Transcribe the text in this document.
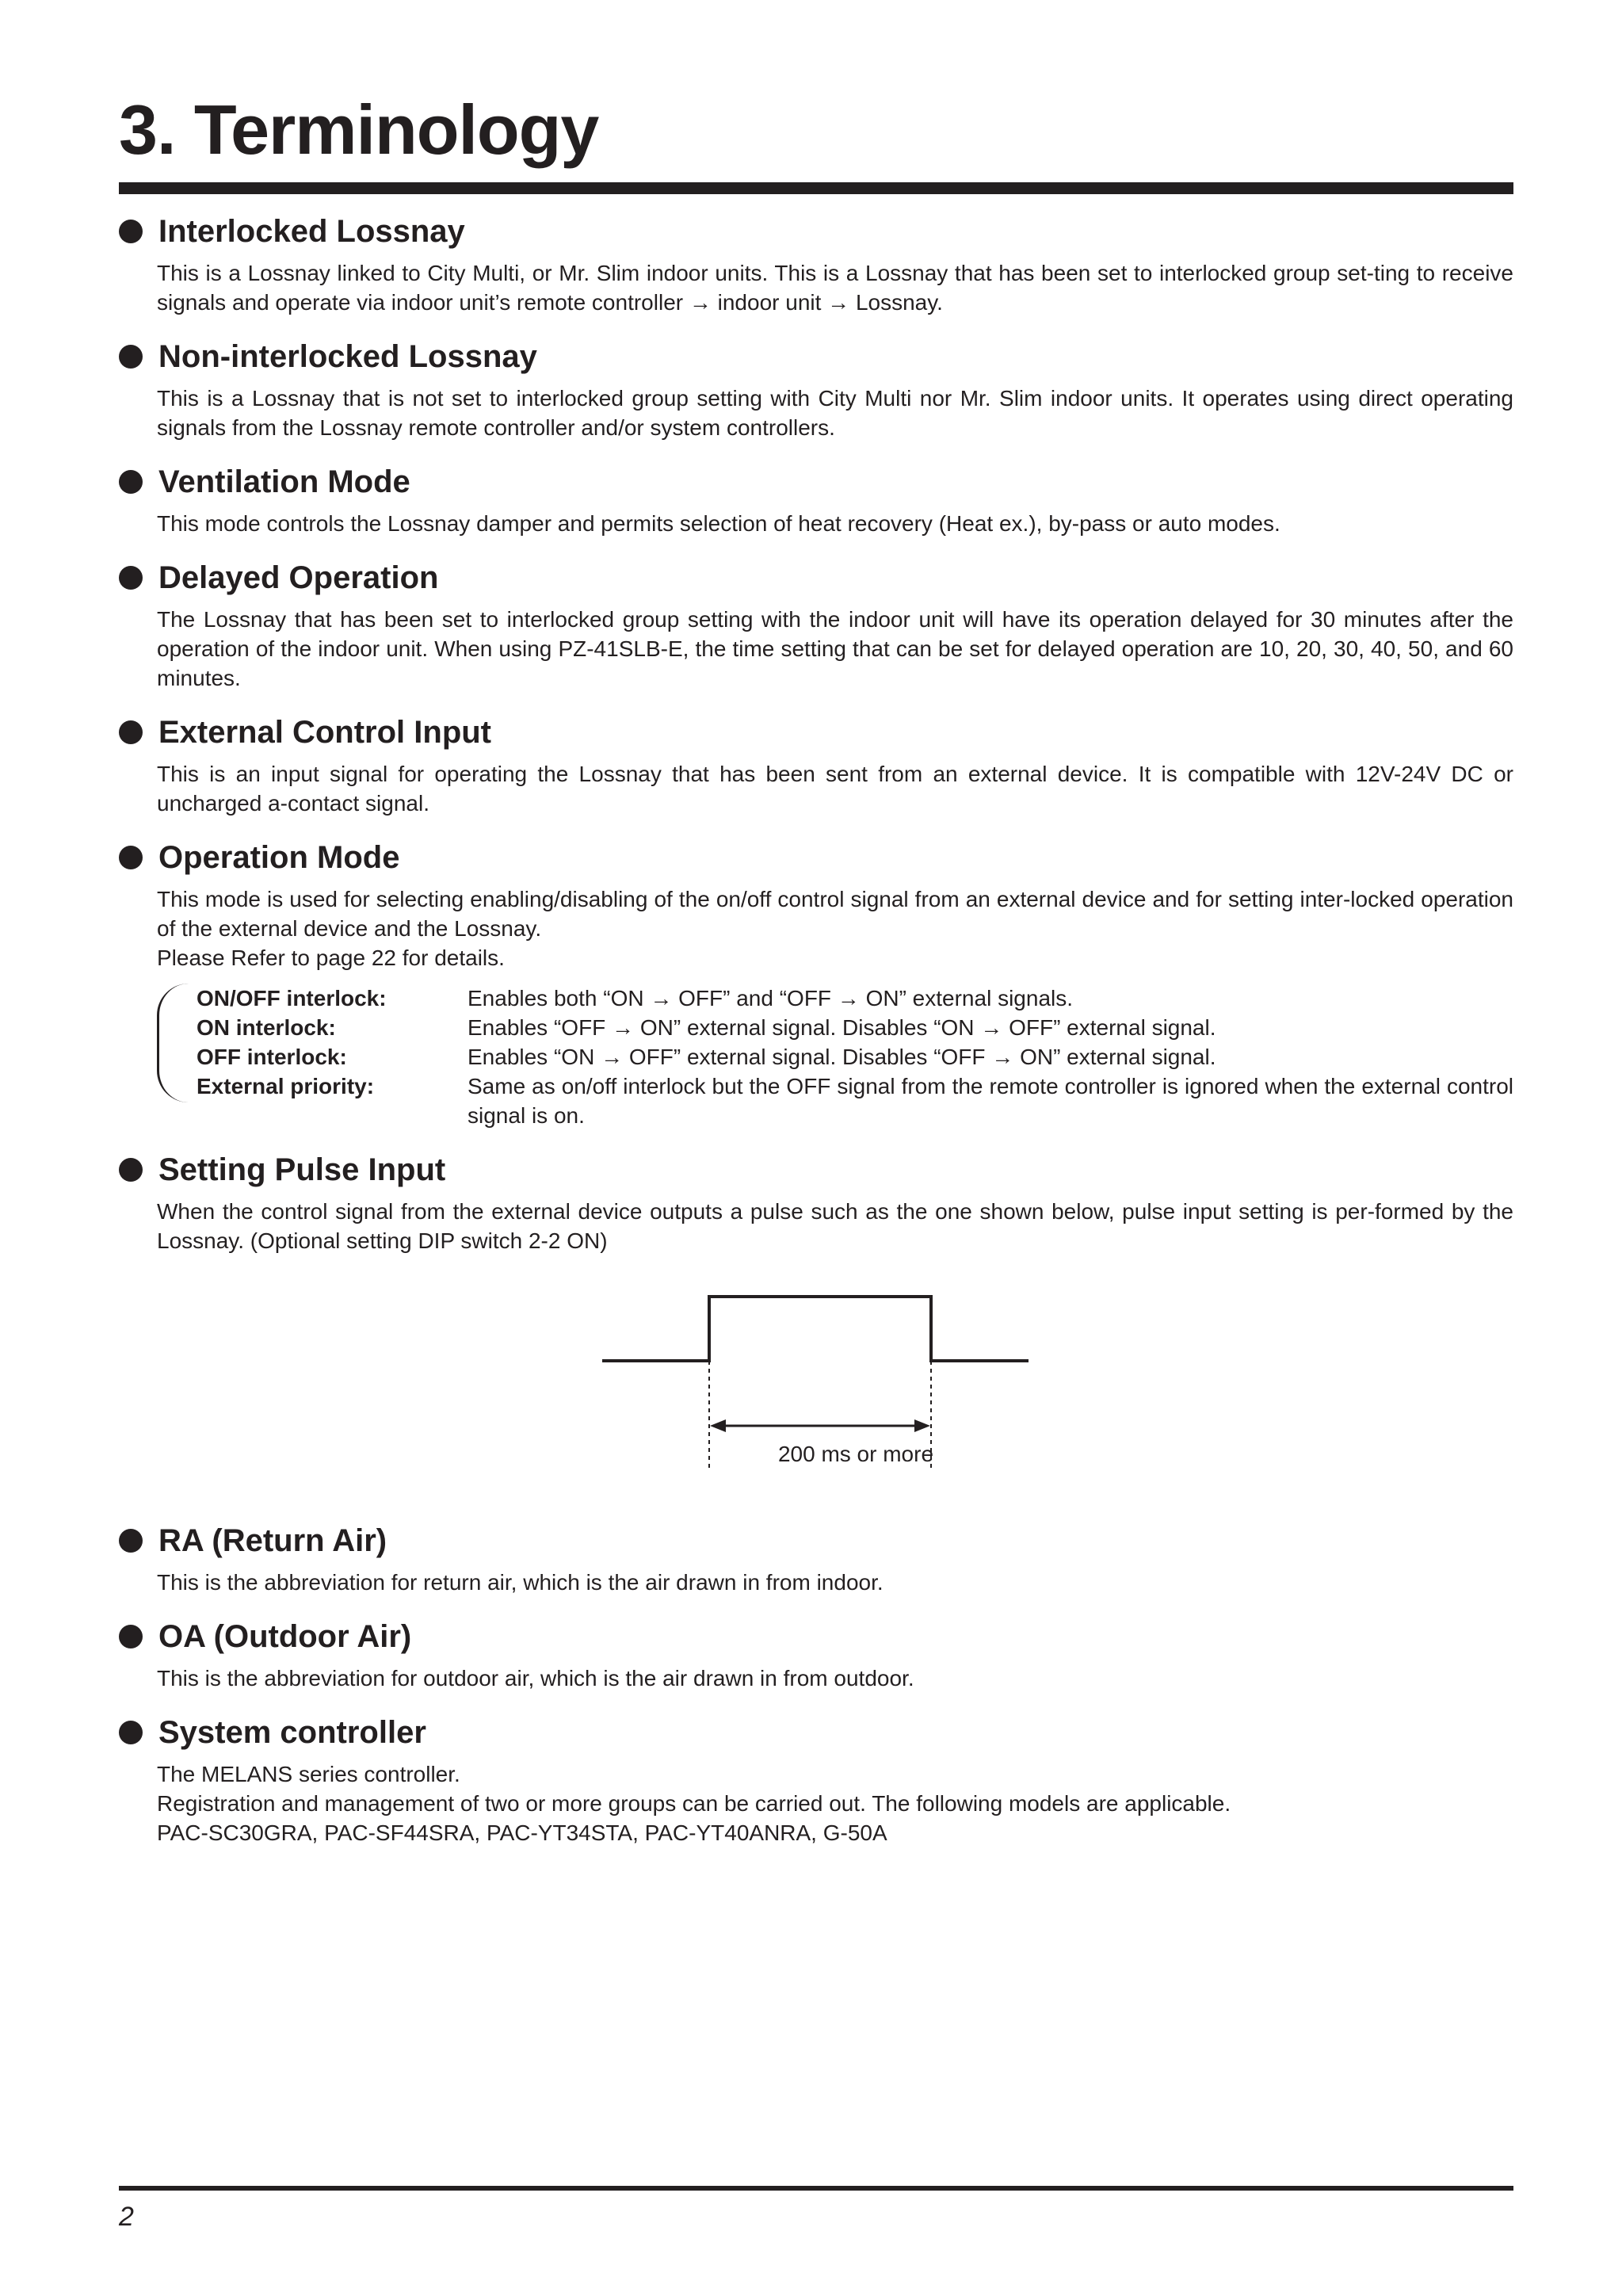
3. Terminology
Interlocked Lossnay

This is a Lossnay linked to City Multi, or Mr. Slim indoor units. This is a Lossnay that has been set to interlocked group set-ting to receive signals and operate via indoor unit’s remote controller → indoor unit → Lossnay.

Non-interlocked Lossnay

This is a Lossnay that is not set to interlocked group setting with City Multi nor Mr. Slim indoor units. It operates using direct operating signals from the Lossnay remote controller and/or system controllers.

Ventilation Mode

This mode controls the Lossnay damper and permits selection of heat recovery (Heat ex.), by-pass or auto modes.

Delayed Operation

The Lossnay that has been set to interlocked group setting with the indoor unit will have its operation delayed for 30 minutes after the operation of the indoor unit. When using PZ-41SLB-E, the time setting that can be set for delayed operation are 10, 20, 30, 40, 50, and 60 minutes.

External Control Input

This is an input signal for operating the Lossnay that has been sent from an external device. It is compatible with 12V-24V DC or uncharged a-contact signal.

Operation Mode

This mode is used for selecting enabling/disabling of the on/off control signal from an external device and for setting inter-locked operation of the external device and the Lossnay.

Please Refer to page 22 for details.

ON/OFF interlock:	Enables both “ON → OFF” and “OFF → ON” external signals.
ON interlock:	Enables “OFF → ON” external signal. Disables “ON → OFF” external signal.
OFF interlock:	Enables “ON → OFF” external signal. Disables “OFF → ON” external signal.
External priority:	Same as on/off interlock but the OFF signal from the remote controller is ignored when the external control signal is on.
Setting Pulse Input

When the control signal from the external device outputs a pulse such as the one shown below, pulse input setting is per-formed by the Lossnay. (Optional setting DIP switch 2-2 ON)

200 ms or more
RA (Return Air)

This is the abbreviation for return air, which is the air drawn in from indoor.

OA (Outdoor Air)

This is the abbreviation for outdoor air, which is the air drawn in from outdoor.

System controller

The MELANS series controller.

Registration and management of two or more groups can be carried out. The following models are applicable.

PAC-SC30GRA, PAC-SF44SRA, PAC-YT34STA, PAC-YT40ANRA, G-50A

2
